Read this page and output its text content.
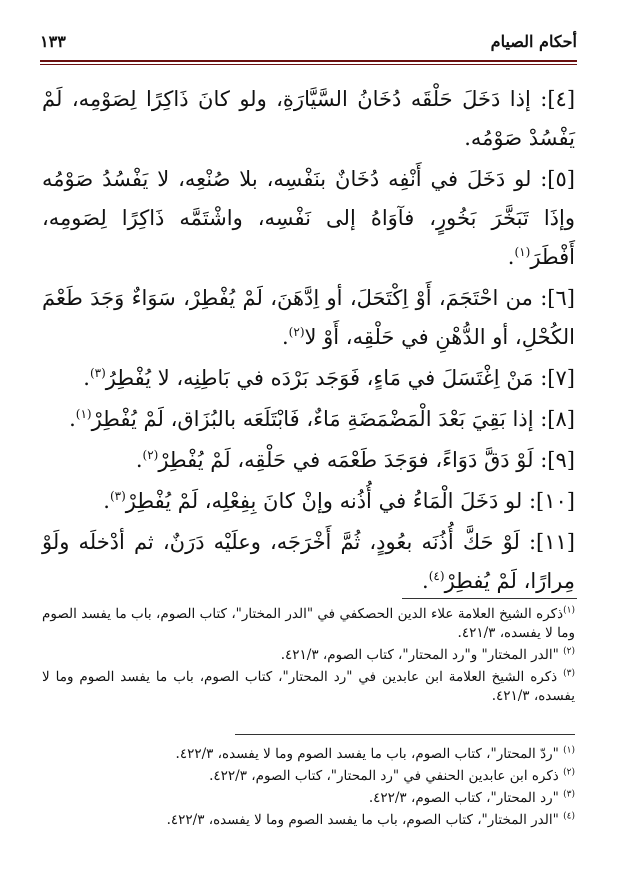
أحكام الصيام
١٣٣

[٤]: إذا دَخَلَ حَلْقَه دُخَانُ السَّيَّارَةِ، ولو كانَ ذَاكِرًا لِصَوْمِه، لَمْ يَفْسُدْ صَوْمُه.

[٥]: لو دَخَلَ في أَنْفِه دُخَانٌ بنَفْسِه، بلا صُنْعِه، لا يَفْسُدُ صَوْمُه وإذَا تَبَخَّرَ بَخُورٍ، فآوَاهُ إلى نَفْسِه، واشْتَمَّه ذَاكِرًا لِصَومِه، أَفْطَرَ$^{(١)}$.

[٦]: من احْتَجَمَ، أَوْ اِكْتَحَلَ، أو اِدَّهَنَ، لَمْ يُفْطِرْ، سَوَاءٌ وَجَدَ طَعْمَ الكُحْلِ، أو الدُّهْنِ في حَلْقِه، أَوْ لا$^{(٢)}$.

[٧]: مَنْ اِغْتَسَلَ في مَاءٍ، فَوَجَد بَرْدَه في بَاطِنِه، لا يُفْطِرُ$^{(٣)}$.

[٨]: إذا بَقِيَ بَعْدَ الْمَضْمَضَةِ مَاءٌ، فَابْتَلَعَه بالبُزَاق، لَمْ يُفْطِرْ$^{(١)}$.

[٩]: لَوْ دَقَّ دَوَاءً، فوَجَدَ طَعْمَه في حَلْقِه، لَمْ يُفْطِرْ$^{(٢)}$.

[١٠]: لو دَخَلَ الْمَاءُ في أُذُنه وإنْ كانَ بِفِعْلِه، لَمْ يُفْطِرْ$^{(٣)}$.

[١١]: لَوْ حَكَّ أُذُنَه بعُودٍ، ثُمَّ أَخْرَجَه، وعلَيْه دَرَنٌ، ثم أدْخلَه ولَوْ مِرارًا، لَمْ يُفطِرْ$^{(٤)}$.

$^{(١)}$ذكره الشيخ العلامة علاء الدين الحصكفي في "الدر المختار"، كتاب الصوم، باب ما يفسد الصوم وما لا يفسده، ٤٢١/٣.

$^{(٢)}$ "الدر المختار" و"رد المحتار"، كتاب الصوم، ٤٢١/٣.

$^{(٣)}$ ذكره الشيخ العلامة ابن عابدين في "رد المحتار"، كتاب الصوم، باب ما يفسد الصوم وما لا يفسده، ٤٢١/٣.

$^{(١)}$ "ردّ المحتار"، كتاب الصوم، باب ما يفسد الصوم وما لا يفسده، ٤٢٢/٣.

$^{(٢)}$ ذكره ابن عابدين الحنفي في "رد المحتار"، كتاب الصوم، ٤٢٢/٣.

$^{(٣)}$ "رد المحتار"، كتاب الصوم، ٤٢٢/٣.

$^{(٤)}$ "الدر المختار"، كتاب الصوم، باب ما يفسد الصوم وما لا يفسده، ٤٢٢/٣.
